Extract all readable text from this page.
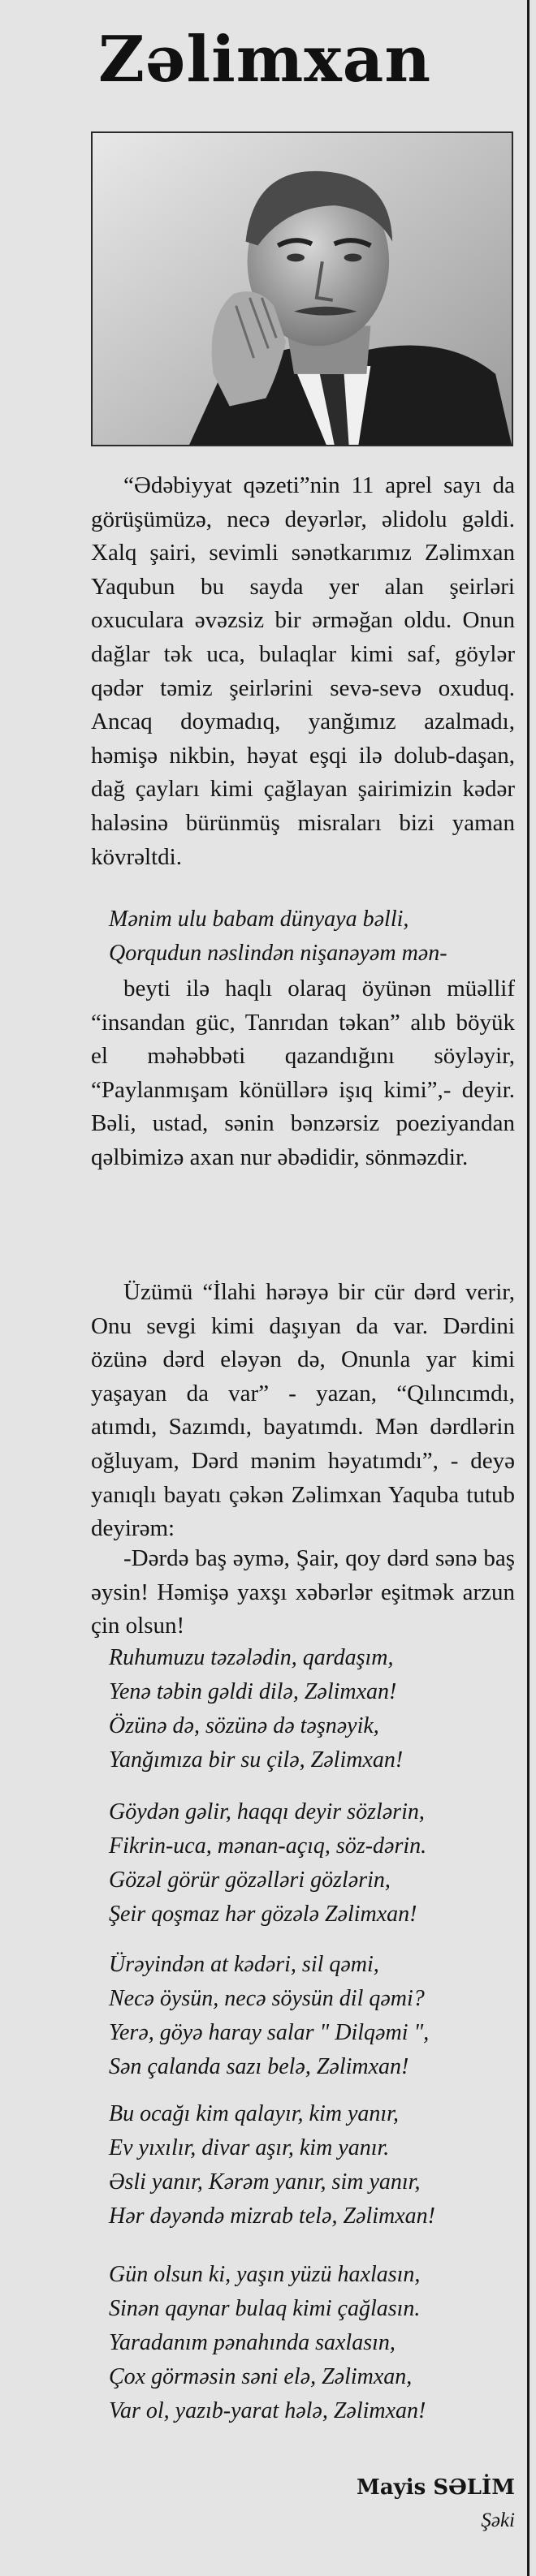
Zəlimxan

“Ədəbiyyat qəzeti”nin 11 aprel sayı da görüşümüzə, necə deyərlər, əlidolu gəldi. Xalq şairi, sevimli sənətkarımız Zəlimxan Yaqubun bu sayda yer alan şeirləri oxuculara əvəzsiz bir ərməğan oldu. Onun dağlar tək uca, bulaqlar kimi saf, göylər qədər təmiz şeirlərini sevə-sevə oxuduq. Ancaq doymadıq, yanğımız azalmadı, həmişə nikbin, həyat eşqi ilə dolub-daşan, dağ çayları kimi çağlayan şairimizin kədər haləsinə bürünmüş misraları bizi yaman kövrəltdi.

Mənim ulu babam dünyaya bəlli,
Qorqudun nəslindən nişanəyəm mən-

beyti ilə haqlı olaraq öyünən müəllif “insandan güc, Tanrıdan təkan” alıb böyük el məhəbbəti qazandığını söyləyir, “Paylanmışam könüllərə işıq kimi”,- deyir. Bəli, ustad, sənin bənzərsiz poeziyandan qəlbimizə axan nur əbədidir, sönməzdir.

Üzümü “İlahi hərəyə bir cür dərd verir, Onu sevgi kimi daşıyan da var. Dərdini özünə dərd eləyən də, Onunla yar kimi yaşayan da var” - yazan, “Qılıncımdı, atımdı, Sazımdı, bayatımdı. Mən dərdlərin oğluyam, Dərd mənim həyatımdı”, - deyə yanıqlı bayatı çəkən Zəlimxan Yaquba tutub deyirəm:

-Dərdə baş əymə, Şair, qoy dərd sənə baş əysin! Həmişə yaxşı xəbərlər eşitmək arzun çin olsun!

Ruhumuzu təzələdin, qardaşım,
Yenə təbin gəldi dilə, Zəlimxan!
Özünə də, sözünə də təşnəyik,
Yanğımıza bir su çilə, Zəlimxan!
Göydən gəlir, haqqı deyir sözlərin,
Fikrin-uca, mənan-açıq, söz-dərin.
Gözəl görür gözəlləri gözlərin,
Şeir qoşmaz hər gözələ Zəlimxan!
Ürəyindən at kədəri, sil qəmi,
Necə öysün, necə söysün dil qəmi?
Yerə, göyə haray salar " Dilqəmi ",
Sən çalanda sazı belə, Zəlimxan!
Bu ocağı kim qalayır, kim yanır,
Ev yıxılır, divar aşır, kim yanır.
Əsli yanır, Kərəm yanır, sim yanır,
Hər dəyəndə mizrab telə, Zəlimxan!
Gün olsun ki, yaşın yüzü haxlasın,
Sinən qaynar bulaq kimi çağlasın.
Yaradanım pənahında saxlasın,
Çox görməsin səni elə, Zəlimxan,
Var ol, yazıb-yarat hələ, Zəlimxan!

Mayis SƏLİM

Şəki
